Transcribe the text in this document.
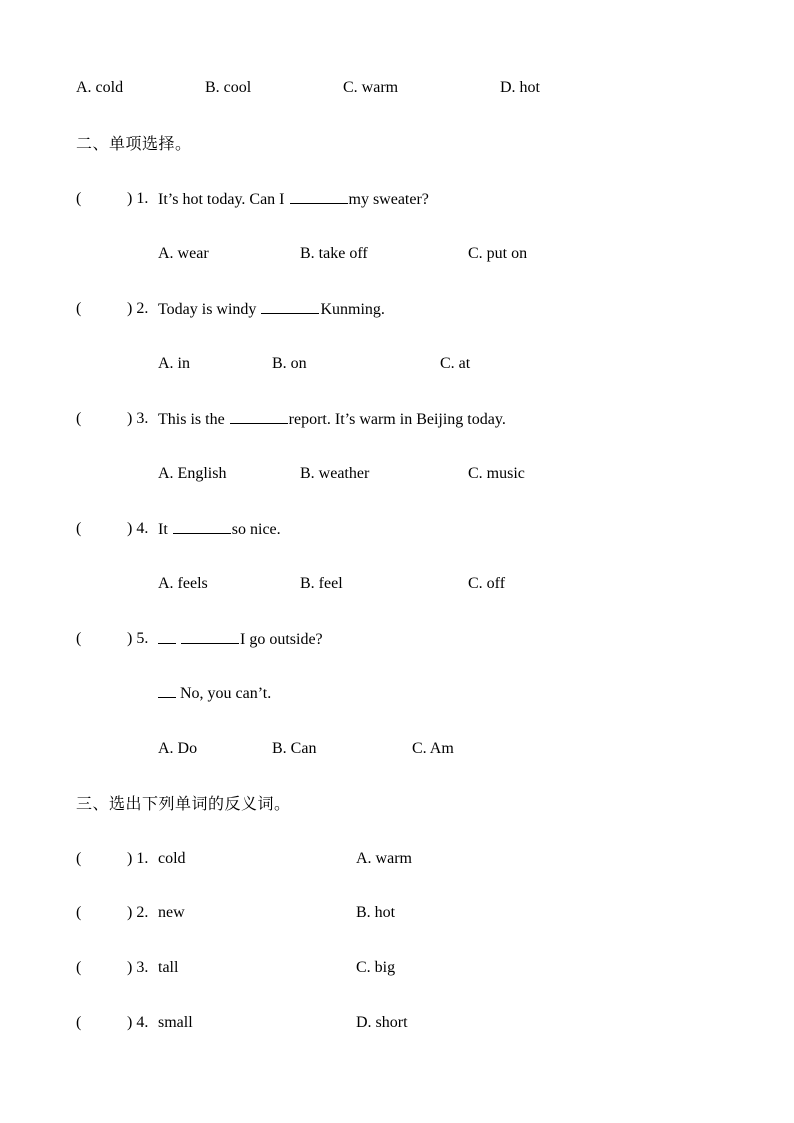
A. cold	B. cool	C. warm	D. hot
二、单项选择。
(	) 1. It’s hot today. Can I	my sweater?
A. wear	B. take off	C. put on
(	) 2. Today is windy	Kunming.
A. in	B. on	C. at
(	) 3. This is the	report. It’s warm in Beijing today.
A. English	B. weather	C. music
(	) 4. It	so nice.
A. feels	B. feel	C. off
(	) 5.	I go outside?
No, you can’t.
A. Do	B. Can	C. Am
三、选出下列单词的反义词。
(	) 1. cold	A. warm
(	) 2. new	B. hot
(	) 3. tall	C. big
(	) 4. small	D. short
